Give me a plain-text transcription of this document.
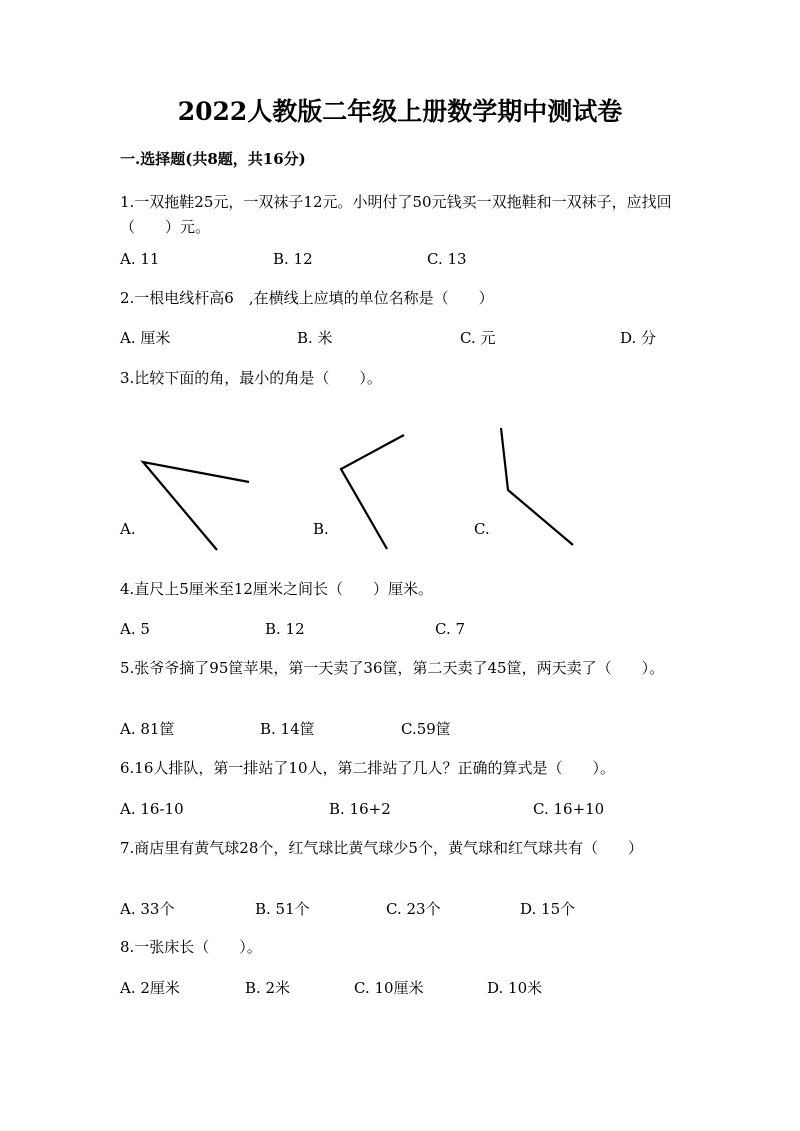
2022人教版二年级上册数学期中测试卷
一.选择题(共8题，共16分)
1.一双拖鞋25元，一双袜子12元。小明付了50元钱买一双拖鞋和一双袜子，应找回（　　）元。
A. 11	B. 12	C. 13
2.一根电线杆高6　,在横线上应填的单位名称是（　　）
A. 厘米	B. 米	C. 元	D. 分
3.比较下面的角，最小的角是（　　）。
A.	B.	C.
4.直尺上5厘米至12厘米之间长（　　）厘米。
A. 5	B. 12	C. 7
5.张爷爷摘了95筐苹果，第一天卖了36筐，第二天卖了45筐，两天卖了（　　）。
A. 81筐	B. 14筐	C.59筐
6.16人排队，第一排站了10人，第二排站了几人？正确的算式是（　　）。
A. 16-10	B. 16+2	C. 16+10
7.商店里有黄气球28个，红气球比黄气球少5个，黄气球和红气球共有（　　）
A. 33个	B. 51个	C. 23个	D. 15个
8.一张床长（　　）。
A. 2厘米	B. 2米	C. 10厘米	D. 10米
